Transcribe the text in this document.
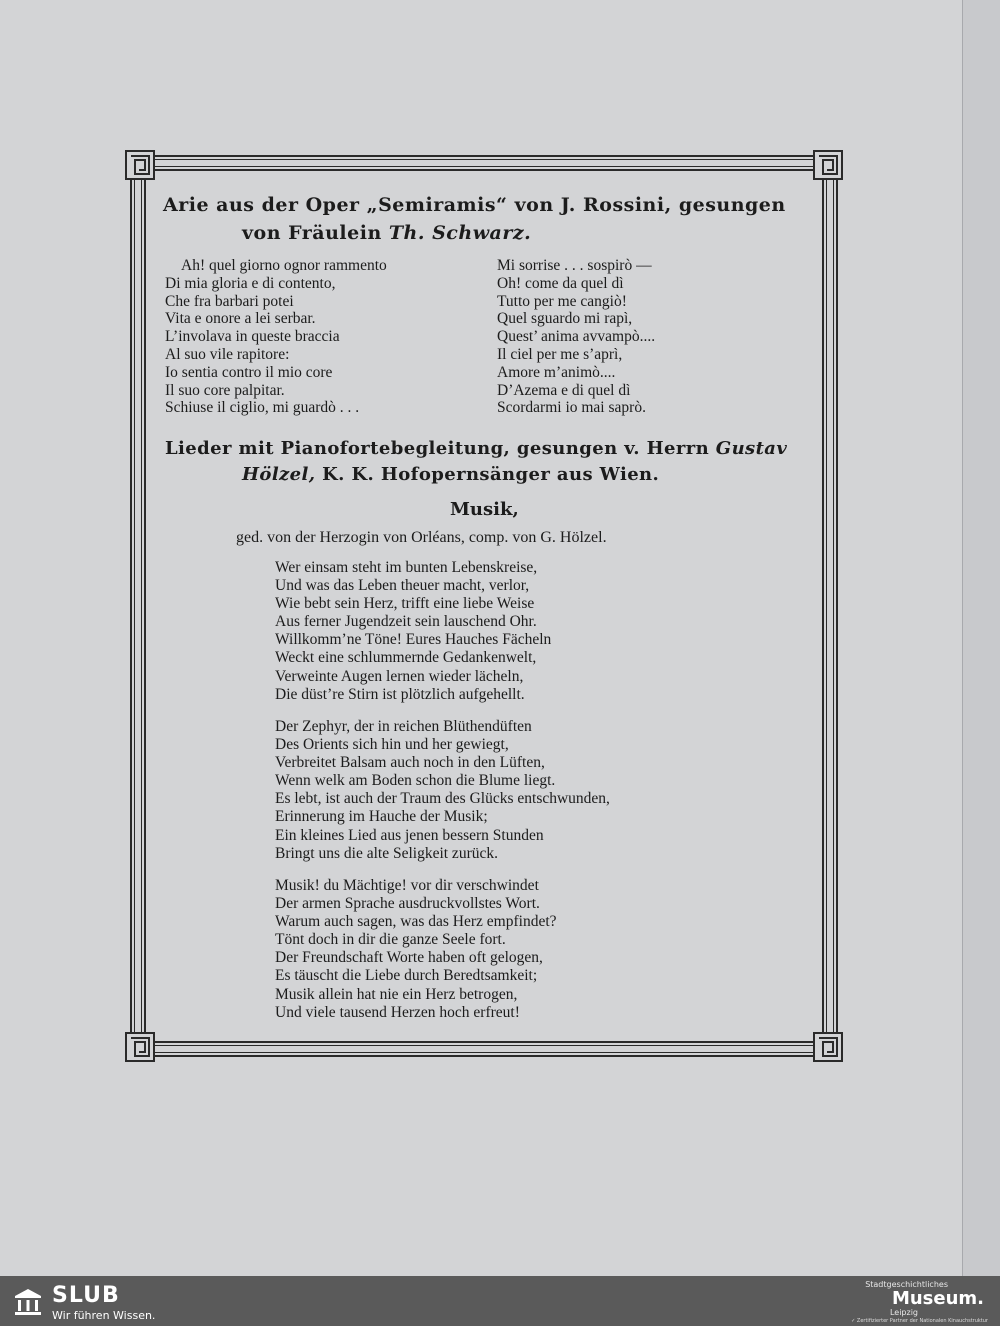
Arie aus der Oper „Semiramis“ von J. Rossini, gesungen
von Fräulein Th. Schwarz.
Ah! quel giorno ognor rammento
Di mia gloria e di contento,
Che fra barbari potei
Vita e onore a lei serbar.
L’involava in queste braccia
Al suo vile rapitore:
Io sentia contro il mio core
Il suo core palpitar.
Schiuse il ciglio, mi guardò . . .
Mi sorrise . . . sospirò —
Oh! come da quel dì
Tutto per me cangiò!
Quel sguardo mi rapì,
Quest’ anima avvampò....
Il ciel per me s’aprì,
Amore m’animò....
D’Azema e di quel dì
Scordarmi io mai saprò.
Lieder mit Pianofortebegleitung, gesungen v. Herrn Gustav
Hölzel, K. K. Hofopernsänger aus Wien.
Musik,
ged. von der Herzogin von Orléans, comp. von G. Hölzel.
Wer einsam steht im bunten Lebenskreise,
Und was das Leben theuer macht, verlor,
Wie bebt sein Herz, trifft eine liebe Weise
Aus ferner Jugendzeit sein lauschend Ohr.
Willkomm’ne Töne! Eures Hauches Fächeln
Weckt eine schlummernde Gedankenwelt,
Verweinte Augen lernen wieder lächeln,
Die düst’re Stirn ist plötzlich aufgehellt.
Der Zephyr, der in reichen Blüthendüften
Des Orients sich hin und her gewiegt,
Verbreitet Balsam auch noch in den Lüften,
Wenn welk am Boden schon die Blume liegt.
Es lebt, ist auch der Traum des Glücks entschwunden,
Erinnerung im Hauche der Musik;
Ein kleines Lied aus jenen bessern Stunden
Bringt uns die alte Seligkeit zurück.
Musik! du Mächtige! vor dir verschwindet
Der armen Sprache ausdruckvollstes Wort.
Warum auch sagen, was das Herz empfindet?
Tönt doch in dir die ganze Seele fort.
Der Freundschaft Worte haben oft gelogen,
Es täuscht die Liebe durch Beredtsamkeit;
Musik allein hat nie ein Herz betrogen,
Und viele tausend Herzen hoch erfreut!
SLUB
Wir führen Wissen.
Stadtgeschichtliches
Museum.
Leipzig
✓ Zertifizierter Partner der Nationalen Kinauchstruktur
